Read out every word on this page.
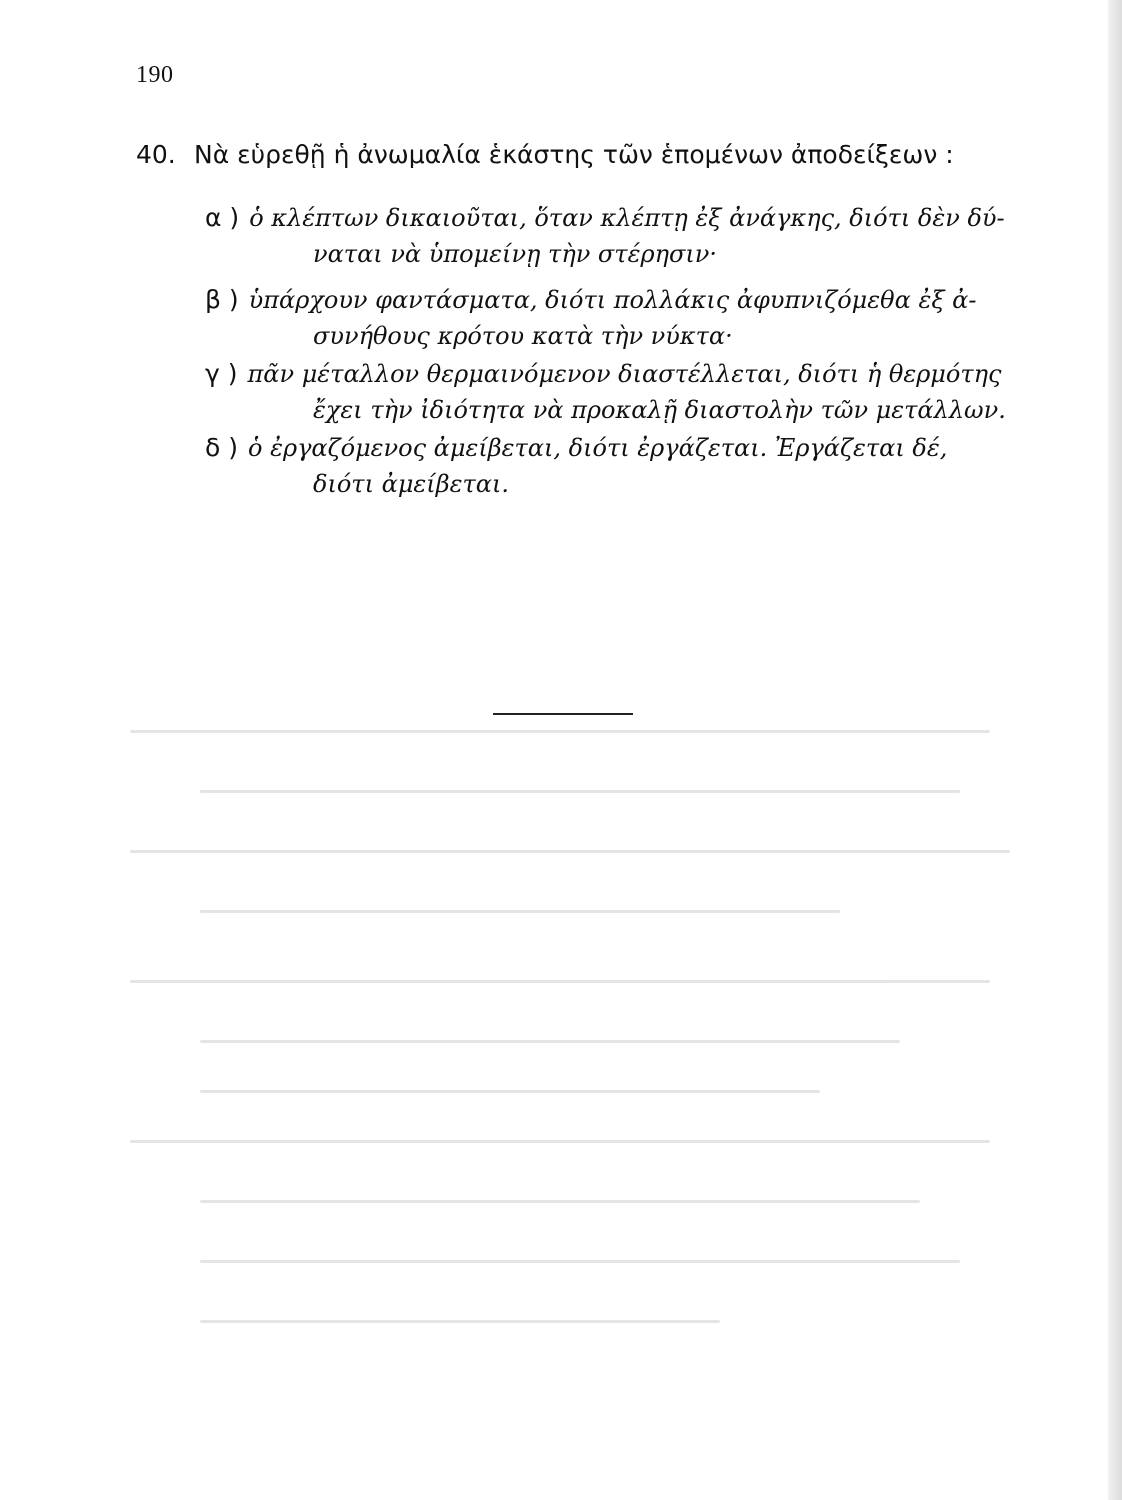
190
40. Νὰ εὑρεθῇ ἡ ἀνωμαλία ἑκάστης τῶν ἑπομένων ἀποδείξεων :
α ) ὁ κλέπτων δικαιοῦται, ὅταν κλέπτῃ ἐξ ἀνάγκης, διότι δὲν δύ-
ναται νὰ ὑπομείνῃ τὴν στέρησιν·
β ) ὑπάρχουν φαντάσματα, διότι πολλάκις ἀφυπνιζόμεθα ἐξ ἀ-
συνήθους κρότου κατὰ τὴν νύκτα·
γ ) πᾶν μέταλλον θερμαινόμενον διαστέλλεται, διότι ἡ θερμότης
ἔχει τὴν ἰδιότητα νὰ προκαλῇ διαστολὴν τῶν μετάλλων.
δ ) ὁ ἐργαζόμενος ἀμείβεται, διότι ἐργάζεται. Ἐργάζεται δέ,
διότι ἀμείβεται.
